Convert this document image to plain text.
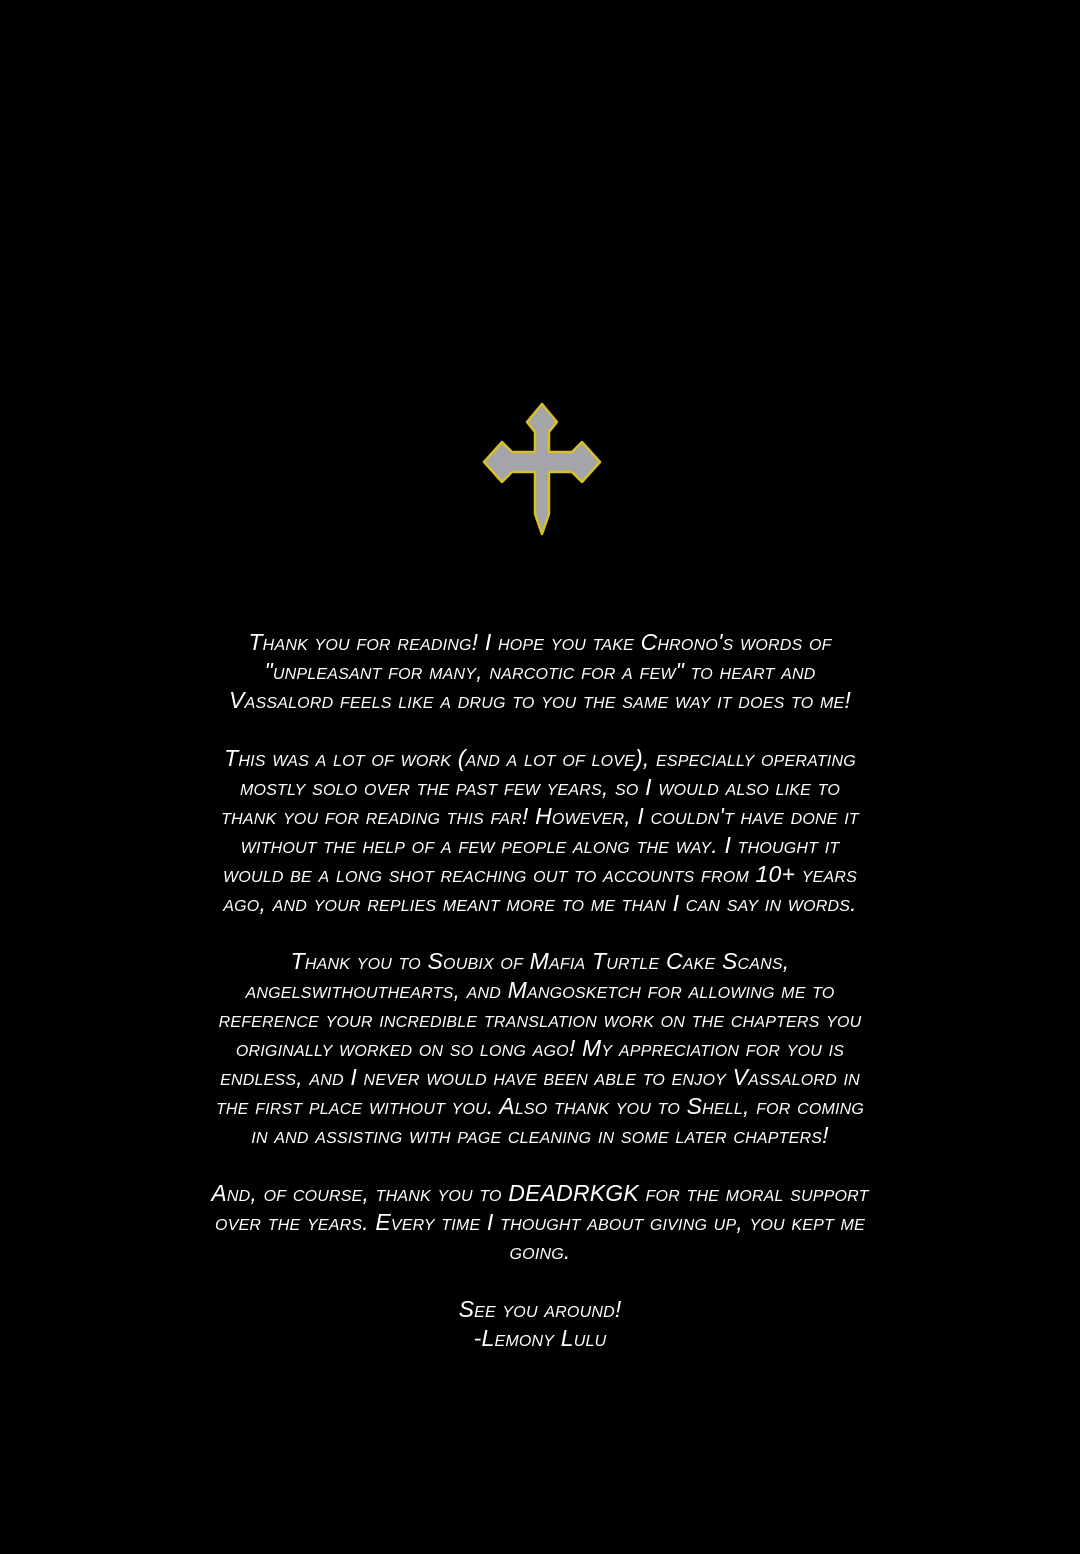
Thank you for reading! I hope you take Chrono's words of
"unpleasant for many, narcotic for a few" to heart and
Vassalord feels like a drug to you the same way it does to me!
This was a lot of work (and a lot of love), especially operating
mostly solo over the past few years, so I would also like to
thank you for reading this far! However, I couldn't have done it
without the help of a few people along the way. I thought it
would be a long shot reaching out to accounts from 10+ years
ago, and your replies meant more to me than I can say in words.
Thank you to Soubix of Mafia Turtle Cake Scans,
angelswithouthearts, and Mangosketch for allowing me to
reference your incredible translation work on the chapters you
originally worked on so long ago! My appreciation for you is
endless, and I never would have been able to enjoy Vassalord in
the first place without you. Also thank you to Shell, for coming
in and assisting with page cleaning in some later chapters!
And, of course, thank you to DEADRKGK for the moral support
over the years. Every time I thought about giving up, you kept me
going.
See you around!
-Lemony Lulu
